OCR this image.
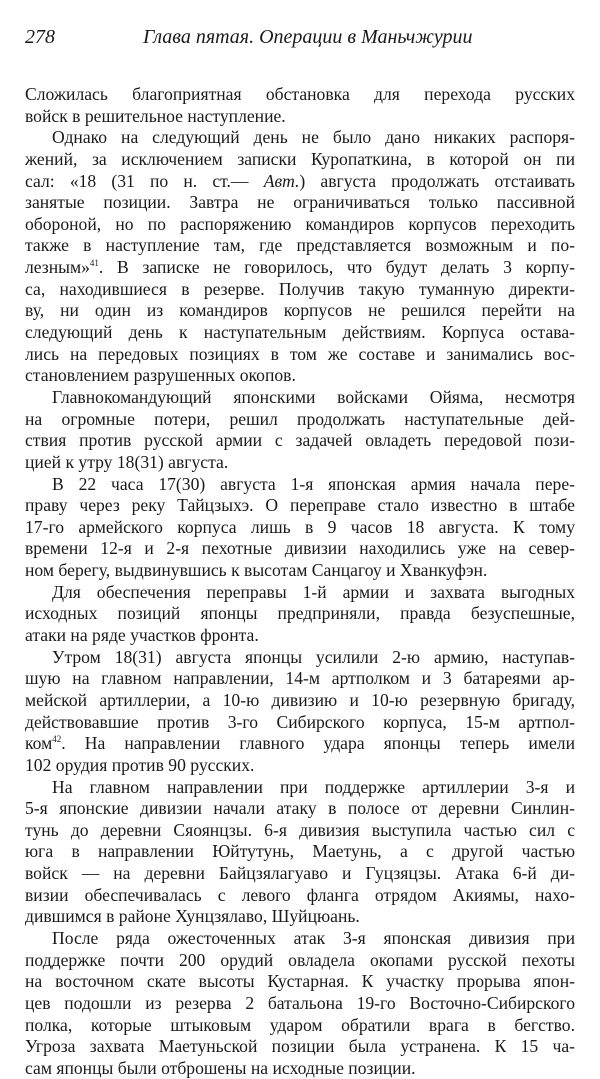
278	Глава пятая. Операции в Маньчжурии
Сложилась благоприятная обстановка для перехода русских
войск в решительное наступление.
Однако на следующий день не было дано никаких распоря-
жений, за исключением записки Куропаткина, в которой он пи
сал: «18 (31 по н. ст.— Авт.) августа продолжать отстаивать
занятые позиции. Завтра не ограничиваться только пассивной
обороной, но по распоряжению командиров корпусов переходить
также в наступление там, где представляется возможным и по-
лезным»$^{41}$. В записке не говорилось, что будут делать 3 корпу-
са, находившиеся в резерве. Получив такую туманную директи-
ву, ни один из командиров корпусов не решился перейти на
следующий день к наступательным действиям. Корпуса остава-
лись на передовых позициях в том же составе и занимались вос-
становлением разрушенных окопов.
Главнокомандующий японскими войсками Ойяма, несмотря
на огромные потери, решил продолжать наступательные дей-
ствия против русской армии с задачей овладеть передовой пози-
цией к утру 18(31) августа.
В 22 часа 17(30) августа 1-я японская армия начала пере-
праву через реку Тайцзыхэ. О переправе стало известно в штабе
17-го армейского корпуса лишь в 9 часов 18 августа. К тому
времени 12-я и 2-я пехотные дивизии находились уже на север-
ном берегу, выдвинувшись к высотам Санцагоу и Хванкуфэн.
Для обеспечения переправы 1-й армии и захвата выгодных
исходных позиций японцы предприняли, правда безуспешные,
атаки на ряде участков фронта.
Утром 18(31) августа японцы усилили 2-ю армию, наступав-
шую на главном направлении, 14-м артполком и 3 батареями ар-
мейской артиллерии, а 10-ю дивизию и 10-ю резервную бригаду,
действовавшие против 3-го Сибирского корпуса, 15-м артпол-
ком$^{42}$. На направлении главного удара японцы теперь имели
102 орудия против 90 русских.
На главном направлении при поддержке артиллерии 3-я и
5-я японские дивизии начали атаку в полосе от деревни Синлин-
тунь до деревни Сяоянцзы. 6-я дивизия выступила частью сил с
юга в направлении Юйтутунь, Маетунь, а с другой частью
войск — на деревни Байцзялагуаво и Гуцзяцзы. Атака 6-й ди-
визии обеспечивалась с левого фланга отрядом Акиямы, нахо-
дившимся в районе Хунцзялаво, Шуйцюань.
После ряда ожесточенных атак 3-я японская дивизия при
поддержке почти 200 орудий овладела окопами русской пехоты
на восточном скате высоты Кустарная. К участку прорыва япон-
цев подошли из резерва 2 батальона 19-го Восточно-Сибирского
полка, которые штыковым ударом обратили врага в бегство.
Угроза захвата Маетуньской позиции была устранена. К 15 ча-
сам японцы были отброшены на исходные позиции.
